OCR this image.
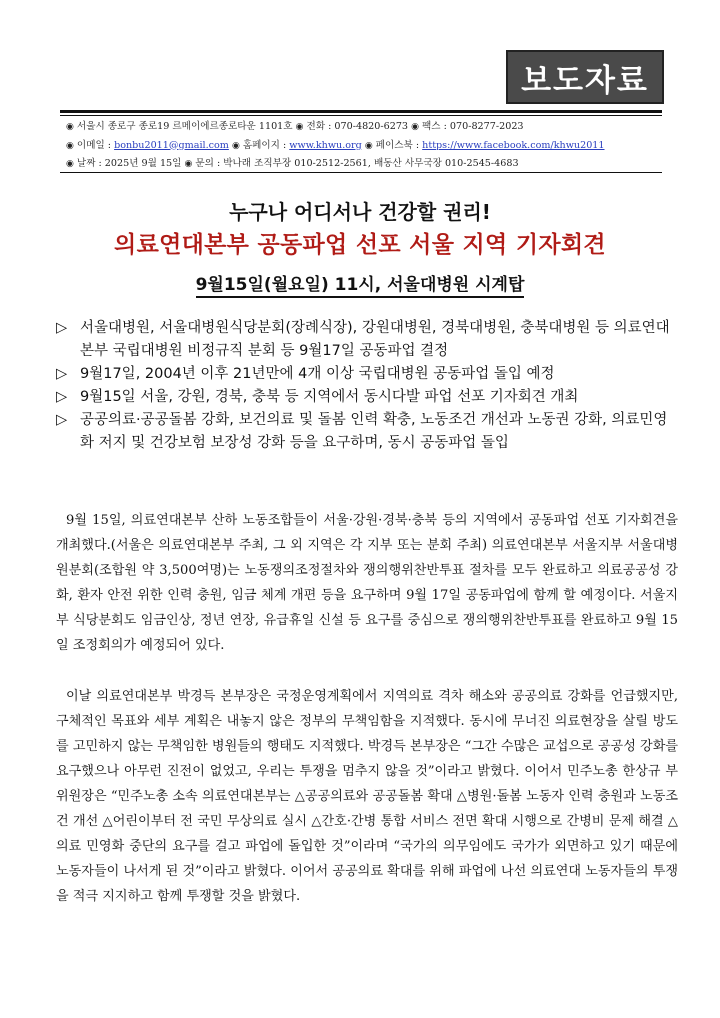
보도자료
◉ 서울시 종로구 종로19 르메이에르종로타운 1101호 ◉ 전화 : 070-4820-6273 ◉ 팩스 : 070-8277-2023
◉ 이메일 : bonbu2011@gmail.com ◉ 홈페이지 : www.khwu.org ◉ 페이스북 : https://www.facebook.com/khwu2011
◉ 날짜 : 2025년 9월 15일 ◉ 문의 : 박나래 조직부장 010-2512-2561, 배동산 사무국장 010-2545-4683
누구나 어디서나 건강할 권리!
의료연대본부 공동파업 선포 서울 지역 기자회견
9월15일(월요일) 11시, 서울대병원 시계탑
▷ 서울대병원, 서울대병원식당분회(장례식장), 강원대병원, 경북대병원, 충북대병원 등 의료연대본부 국립대병원 비정규직 분회 등 9월17일 공동파업 결정
▷ 9월17일, 2004년 이후 21년만에 4개 이상 국립대병원 공동파업 돌입 예정
▷ 9월15일 서울, 강원, 경북, 충북 등 지역에서 동시다발 파업 선포 기자회견 개최
▷ 공공의료·공공돌봄 강화, 보건의료 및 돌봄 인력 확충, 노동조건 개선과 노동권 강화, 의료민영화 저지 및 건강보험 보장성 강화 등을 요구하며, 동시 공동파업 돌입

9월 15일, 의료연대본부 산하 노동조합들이 서울·강원·경북·충북 등의 지역에서 공동파업 선포 기자회견을 개최했다.(서울은 의료연대본부 주최, 그 외 지역은 각 지부 또는 분회 주최) 의료연대본부 서울지부 서울대병원분회(조합원 약 3,500여명)는 노동쟁의조정절차와 쟁의행위찬반투표 절차를 모두 완료하고 의료공공성 강화, 환자 안전 위한 인력 충원, 임금 체계 개편 등을 요구하며 9월 17일 공동파업에 함께 할 예정이다. 서울지부 식당분회도 임금인상, 정년 연장, 유급휴일 신설 등 요구를 중심으로 쟁의행위찬반투표를 완료하고 9월 15일 조정회의가 예정되어 있다.

이날 의료연대본부 박경득 본부장은 국정운영계획에서 지역의료 격차 해소와 공공의료 강화를 언급했지만, 구체적인 목표와 세부 계획은 내놓지 않은 정부의 무책임함을 지적했다. 동시에 무너진 의료현장을 살릴 방도를 고민하지 않는 무책임한 병원들의 행태도 지적했다. 박경득 본부장은 “그간 수많은 교섭으로 공공성 강화를 요구했으나 아무런 진전이 없었고, 우리는 투쟁을 멈추지 않을 것”이라고 밝혔다. 이어서 민주노총 한상규 부위원장은 “민주노총 소속 의료연대본부는 △공공의료와 공공돌봄 확대 △병원·돌봄 노동자 인력 충원과 노동조건 개선 △어린이부터 전 국민 무상의료 실시 △간호·간병 통합 서비스 전면 확대 시행으로 간병비 문제 해결 △의료 민영화 중단의 요구를 걸고 파업에 돌입한 것”이라며 “국가의 의무임에도 국가가 외면하고 있기 때문에 노동자들이 나서게 된 것”이라고 밝혔다. 이어서 공공의료 확대를 위해 파업에 나선 의료연대 노동자들의 투쟁을 적극 지지하고 함께 투쟁할 것을 밝혔다.
